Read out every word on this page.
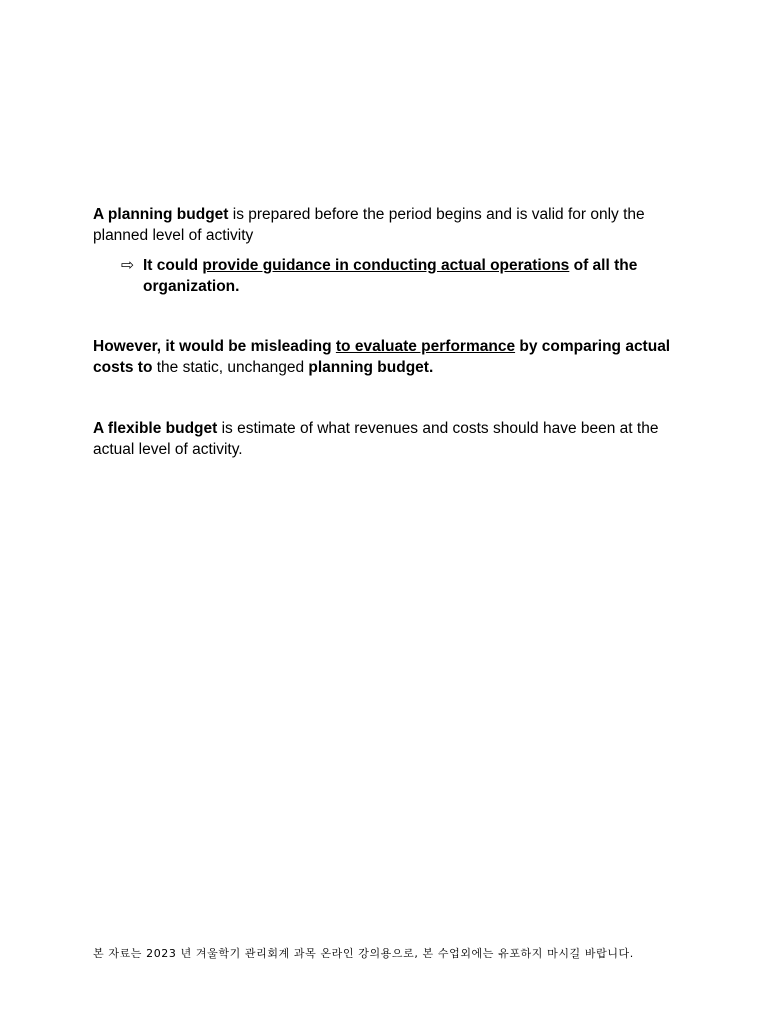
A planning budget is prepared before the period begins and is valid for only the planned level of activity
⇨ It could provide guidance in conducting actual operations of all the organization.
However, it would be misleading to evaluate performance by comparing actual costs to the static, unchanged planning budget.
A flexible budget is estimate of what revenues and costs should have been at the actual level of activity.
본 자료는 2023 년 겨울학기 관리회계 과목 온라인 강의용으로, 본 수업외에는 유포하지 마시길 바랍니다.
